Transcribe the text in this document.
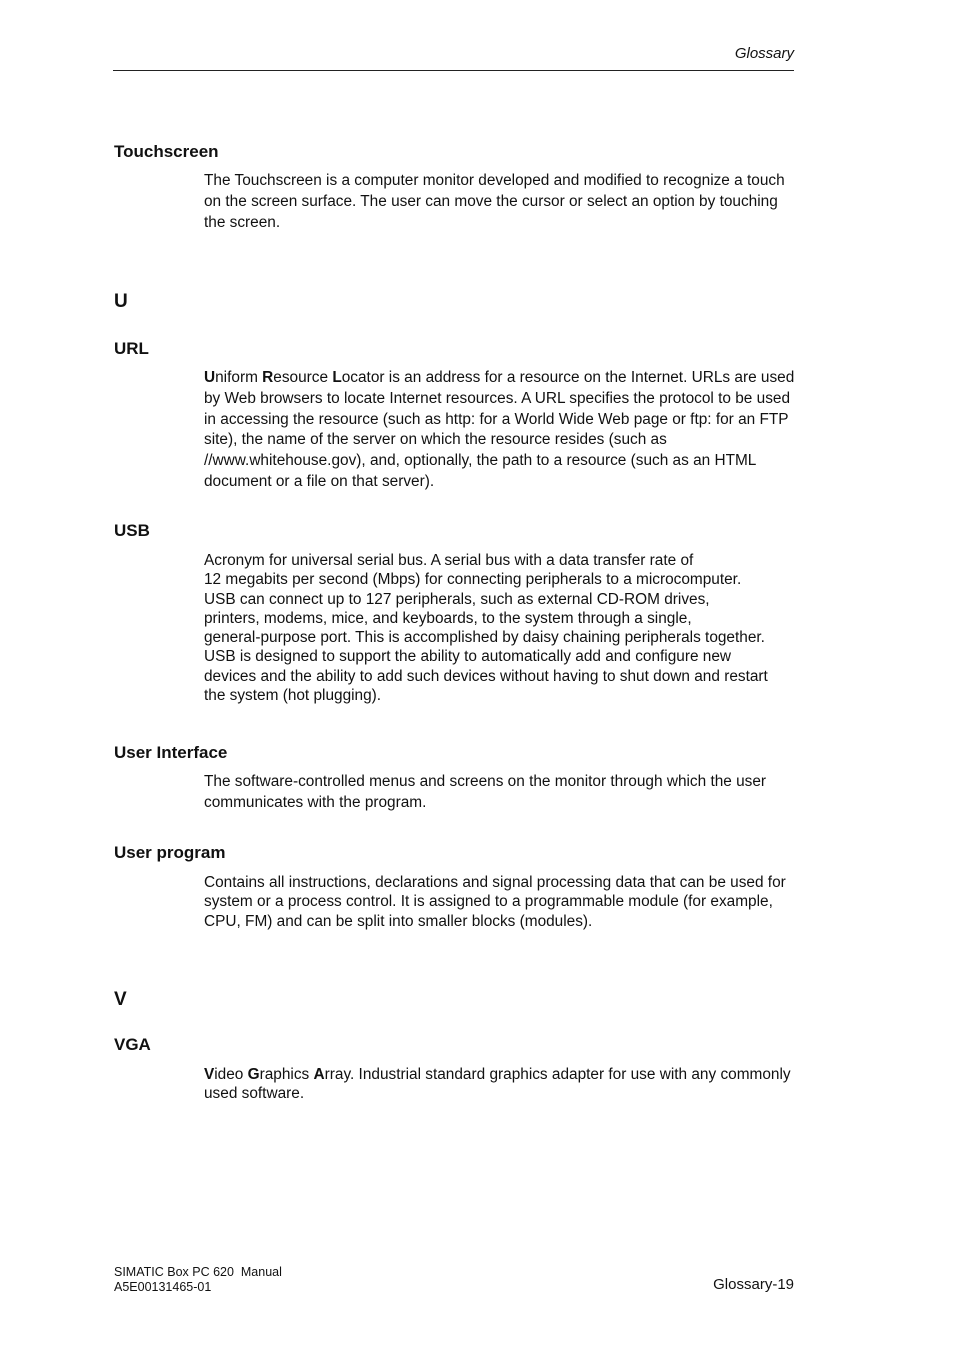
Glossary
Touchscreen
The Touchscreen is a computer monitor developed and modified to recognize a touch on the screen surface. The user can move the cursor or select an option by touching the screen.
U
URL
Uniform Resource Locator is an address for a resource on the Internet. URLs are used by Web browsers to locate Internet resources. A URL specifies the protocol to be used in accessing the resource (such as http: for a World Wide Web page or ftp: for an FTP site), the name of the server on which the resource resides (such as //www.whitehouse.gov), and, optionally, the path to a resource (such as an HTML document or a file on that server).
USB
Acronym for universal serial bus. A serial bus with a data transfer rate of
12 megabits per second (Mbps) for connecting peripherals to a microcomputer.
USB can connect up to 127 peripherals, such as external CD-ROM drives,
printers, modems, mice, and keyboards, to the system through a single,
general-purpose port. This is accomplished by daisy chaining peripherals together.
USB is designed to support the ability to automatically add and configure new
devices and the ability to add such devices without having to shut down and restart
the system (hot plugging).
User Interface
The software-controlled menus and screens on the monitor through which the user communicates with the program.
User program
Contains all instructions, declarations and signal processing data that can be used for system or a process control. It is assigned to a programmable module (for example, CPU, FM) and can be split into smaller blocks (modules).
V
VGA
Video Graphics Array. Industrial standard graphics adapter for use with any commonly used software.
SIMATIC Box PC 620  Manual
A5E00131465-01	Glossary-19
